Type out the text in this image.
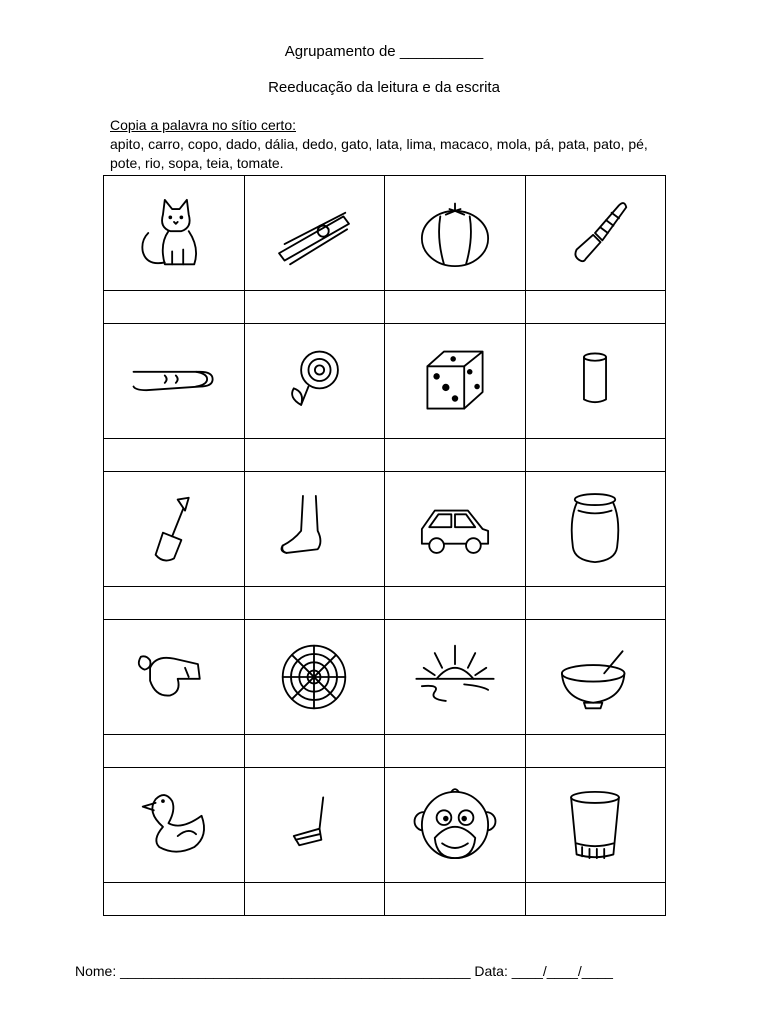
Agrupamento de __________
Reeducação da leitura e da escrita
Copia a palavra no sítio certo:
apito, carro, copo, dado, dália, dedo, gato, lata, lima, macaco, mola, pá, pata, pato, pé, pote, rio, sopa, teia, tomate.

Nome: _____________________________________________ Data: ____/____/____
